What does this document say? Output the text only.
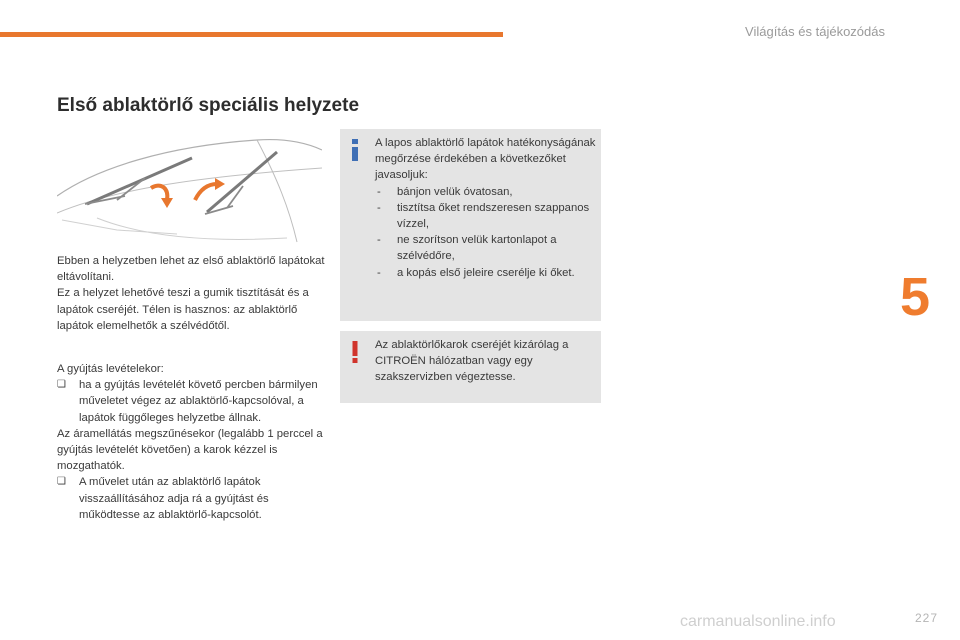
Világítás és tájékozódás
5
Első ablaktörlő speciális helyzete

Ebben a helyzetben lehet az első ablaktörlő lapátokat eltávolítani.

Ez a helyzet lehetővé teszi a gumik tisztítását és a lapátok cseréjét. Télen is hasznos: az ablaktörlő lapátok elemelhetők a szélvédőtől.

A gyújtás levételekor:

❏ ha a gyújtás levételét követő percben bármilyen műveletet végez az ablaktörlő-kapcsolóval, a lapátok függőleges helyzetbe állnak.

Az áramellátás megszűnésekor (legalább 1 perccel a gyújtás levételét követően) a karok kézzel is mozgathatók.

❏ A művelet után az ablaktörlő lapátok visszaállításához adja rá a gyújtást és működtesse az ablaktörlő-kapcsolót.

A lapos ablaktörlő lapátok hatékonyságának megőrzése érdekében a következőket javasoljuk:

- bánjon velük óvatosan,
- tisztítsa őket rendszeresen szappanos vízzel,
- ne szorítson velük kartonlapot a szélvédőre,
- a kopás első jeleire cserélje ki őket.

Az ablaktörlőkarok cseréjét kizárólag a CITROËN hálózatban vagy egy szakszervizben végeztesse.

carmanualsonline.info	227
